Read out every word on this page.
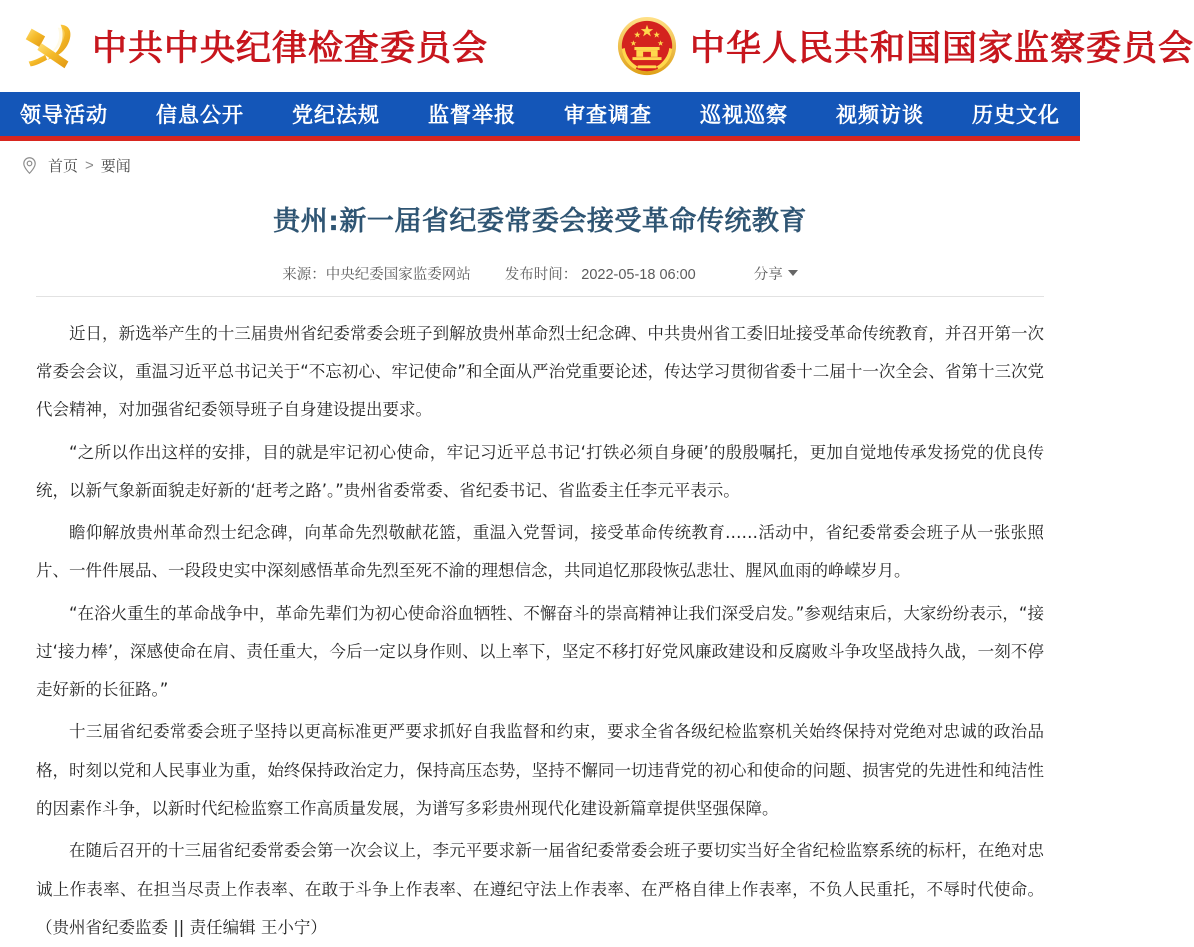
中共中央纪律检查委员会	中华人民共和国国家监察委员会
领导活动 信息公开 党纪法规 监督举报 审查调查 巡视巡察 视频访谈 历史文化
首页 > 要闻
贵州:新一届省纪委常委会接受革命传统教育
来源：中央纪委国家监委网站 发布时间： 2022-05-18 06:00	分享

近日，新选举产生的十三届贵州省纪委常委会班子到解放贵州革命烈士纪念碑、中共贵州省工委旧址接受革命传统教育，并召开第一次常委会会议，重温习近平总书记关于“不忘初心、牢记使命”和全面从严治党重要论述，传达学习贯彻省委十二届十一次全会、省第十三次党代会精神，对加强省纪委领导班子自身建设提出要求。

“之所以作出这样的安排，目的就是牢记初心使命，牢记习近平总书记‘打铁必须自身硬’的殷殷嘱托，更加自觉地传承发扬党的优良传统，以新气象新面貌走好新的‘赶考之路’。”贵州省委常委、省纪委书记、省监委主任李元平表示。

瞻仰解放贵州革命烈士纪念碑，向革命先烈敬献花篮，重温入党誓词，接受革命传统教育……活动中，省纪委常委会班子从一张张照片、一件件展品、一段段史实中深刻感悟革命先烈至死不渝的理想信念，共同追忆那段恢弘悲壮、腥风血雨的峥嵘岁月。

“在浴火重生的革命战争中，革命先辈们为初心使命浴血牺牲、不懈奋斗的崇高精神让我们深受启发。”参观结束后，大家纷纷表示，“接过‘接力棒’，深感使命在肩、责任重大，今后一定以身作则、以上率下，坚定不移打好党风廉政建设和反腐败斗争攻坚战持久战，一刻不停走好新的长征路。”

十三届省纪委常委会班子坚持以更高标准更严要求抓好自我监督和约束，要求全省各级纪检监察机关始终保持对党绝对忠诚的政治品格，时刻以党和人民事业为重，始终保持政治定力，保持高压态势，坚持不懈同一切违背党的初心和使命的问题、损害党的先进性和纯洁性的因素作斗争，以新时代纪检监察工作高质量发展，为谱写多彩贵州现代化建设新篇章提供坚强保障。

在随后召开的十三届省纪委常委会第一次会议上，李元平要求新一届省纪委常委会班子要切实当好全省纪检监察系统的标杆，在绝对忠诚上作表率、在担当尽责上作表率、在敢于斗争上作表率、在遵纪守法上作表率、在严格自律上作表率，不负人民重托，不辱时代使命。（贵州省纪委监委 || 责任编辑 王小宁）
